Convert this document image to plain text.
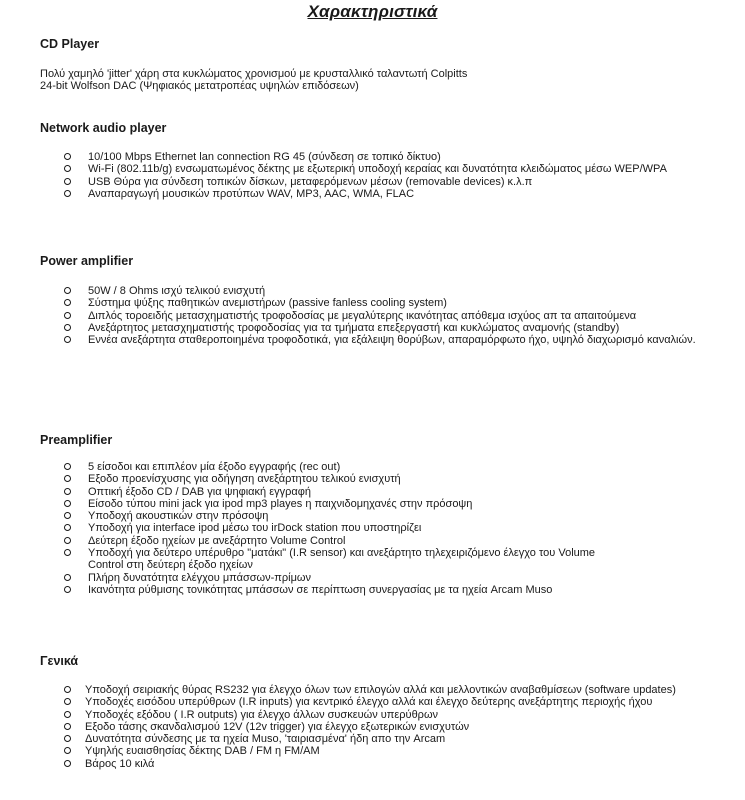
Χαρακτηριστικά
CD Player
Πολύ χαμηλό 'jitter' χάρη στα κυκλώματος χρονισμού με κρυσταλλικό ταλαντωτή Colpitts
24-bit Wolfson DAC (Ψηφιακός μετατροπέας υψηλών επιδόσεων)
Network audio player
10/100 Mbps Ethernet lan connection RG 45 (σύνδεση σε τοπικό δίκτυο)
Wi-Fi (802.11b/g) ενσωματωμένος δέκτης με εξωτερική υποδοχή κεραίας και δυνατότητα κλειδώματος μέσω WEP/WPA
USB Θύρα για σύνδεση τοπικών δίσκων, μεταφερόμενων μέσων (removable devices) κ.λ.π
Αναπαραγωγή μουσικών προτύπων WAV, MP3, AAC, WMA, FLAC
Power amplifier
50W / 8 Ohms ισχύ τελικού ενισχυτή
Σύστημα ψύξης παθητικών ανεμιστήρων (passive fanless cooling system)
Διπλός τοροειδής μετασχηματιστής τροφοδοσίας με μεγαλύτερης ικανότητας απόθεμα ισχύος απ τα απαιτούμενα
Ανεξάρτητος μετασχηματιστής τροφοδοσίας για τα τμήματα επεξεργαστή και κυκλώματος αναμονής (standby)
Εννέα ανεξάρτητα σταθεροποιημένα τροφοδοτικά, για εξάλειψη θορύβων, απαραμόρφωτο ήχο, υψηλό διαχωρισμό καναλιών.
Preamplifier
5 είσοδοι και επιπλέον μία έξοδο εγγραφής (rec out)
Εξοδο προενίσχυσης για οδήγηση ανεξάρτητου τελικού ενισχυτή
Οπτική έξοδο CD / DAB για ψηφιακή εγγραφή
Είσοδο τύπου mini jack για ipod mp3 playes η παιχνιδομηχανές στην πρόσοψη
Υποδοχή ακουστικών στην πρόσοψη
Υποδοχή για interface ipod μέσω του irDock station που υποστηρίζει
Δεύτερη έξοδο ηχείων με ανεξάρτητο Volume Control
Υποδοχή για δεύτερο υπέρυθρο "ματάκι" (I.R sensor) και ανεξάρτητο τηλεχειριζόμενο έλεγχο του Volume Control στη δεύτερη έξοδο ηχείων
Πλήρη δυνατότητα ελέγχου μπάσσων-πρίμων
Ικανότητα ρύθμισης τονικότητας μπάσσων σε περίπτωση συνεργασίας με τα ηχεία Arcam Muso
Γενικά
Υποδοχή σειριακής θύρας RS232 για έλεγχο όλων των επιλογών αλλά και μελλοντικών αναβαθμίσεων (software updates)
Υποδοχές εισόδου υπερύθρων (I.R inputs) για κεντρικό έλεγχο αλλά και έλεγχο δεύτερης ανεξάρτητης περιοχής ήχου
Υποδοχές εξόδου ( I.R outputs) για έλεγχο άλλων συσκευών υπερύθρων
Εξοδο τάσης σκανδαλισμού 12V (12v trigger) για έλεγχο εξωτερικών ενισχυτών
Δυνατότητα σύνδεσης με τα ηχεία Muso, 'ταιριασμένα' ήδη απο την Arcam
Υψηλής ευαισθησίας δέκτης DAB / FM η FM/AM
Βάρος 10 κιλά
